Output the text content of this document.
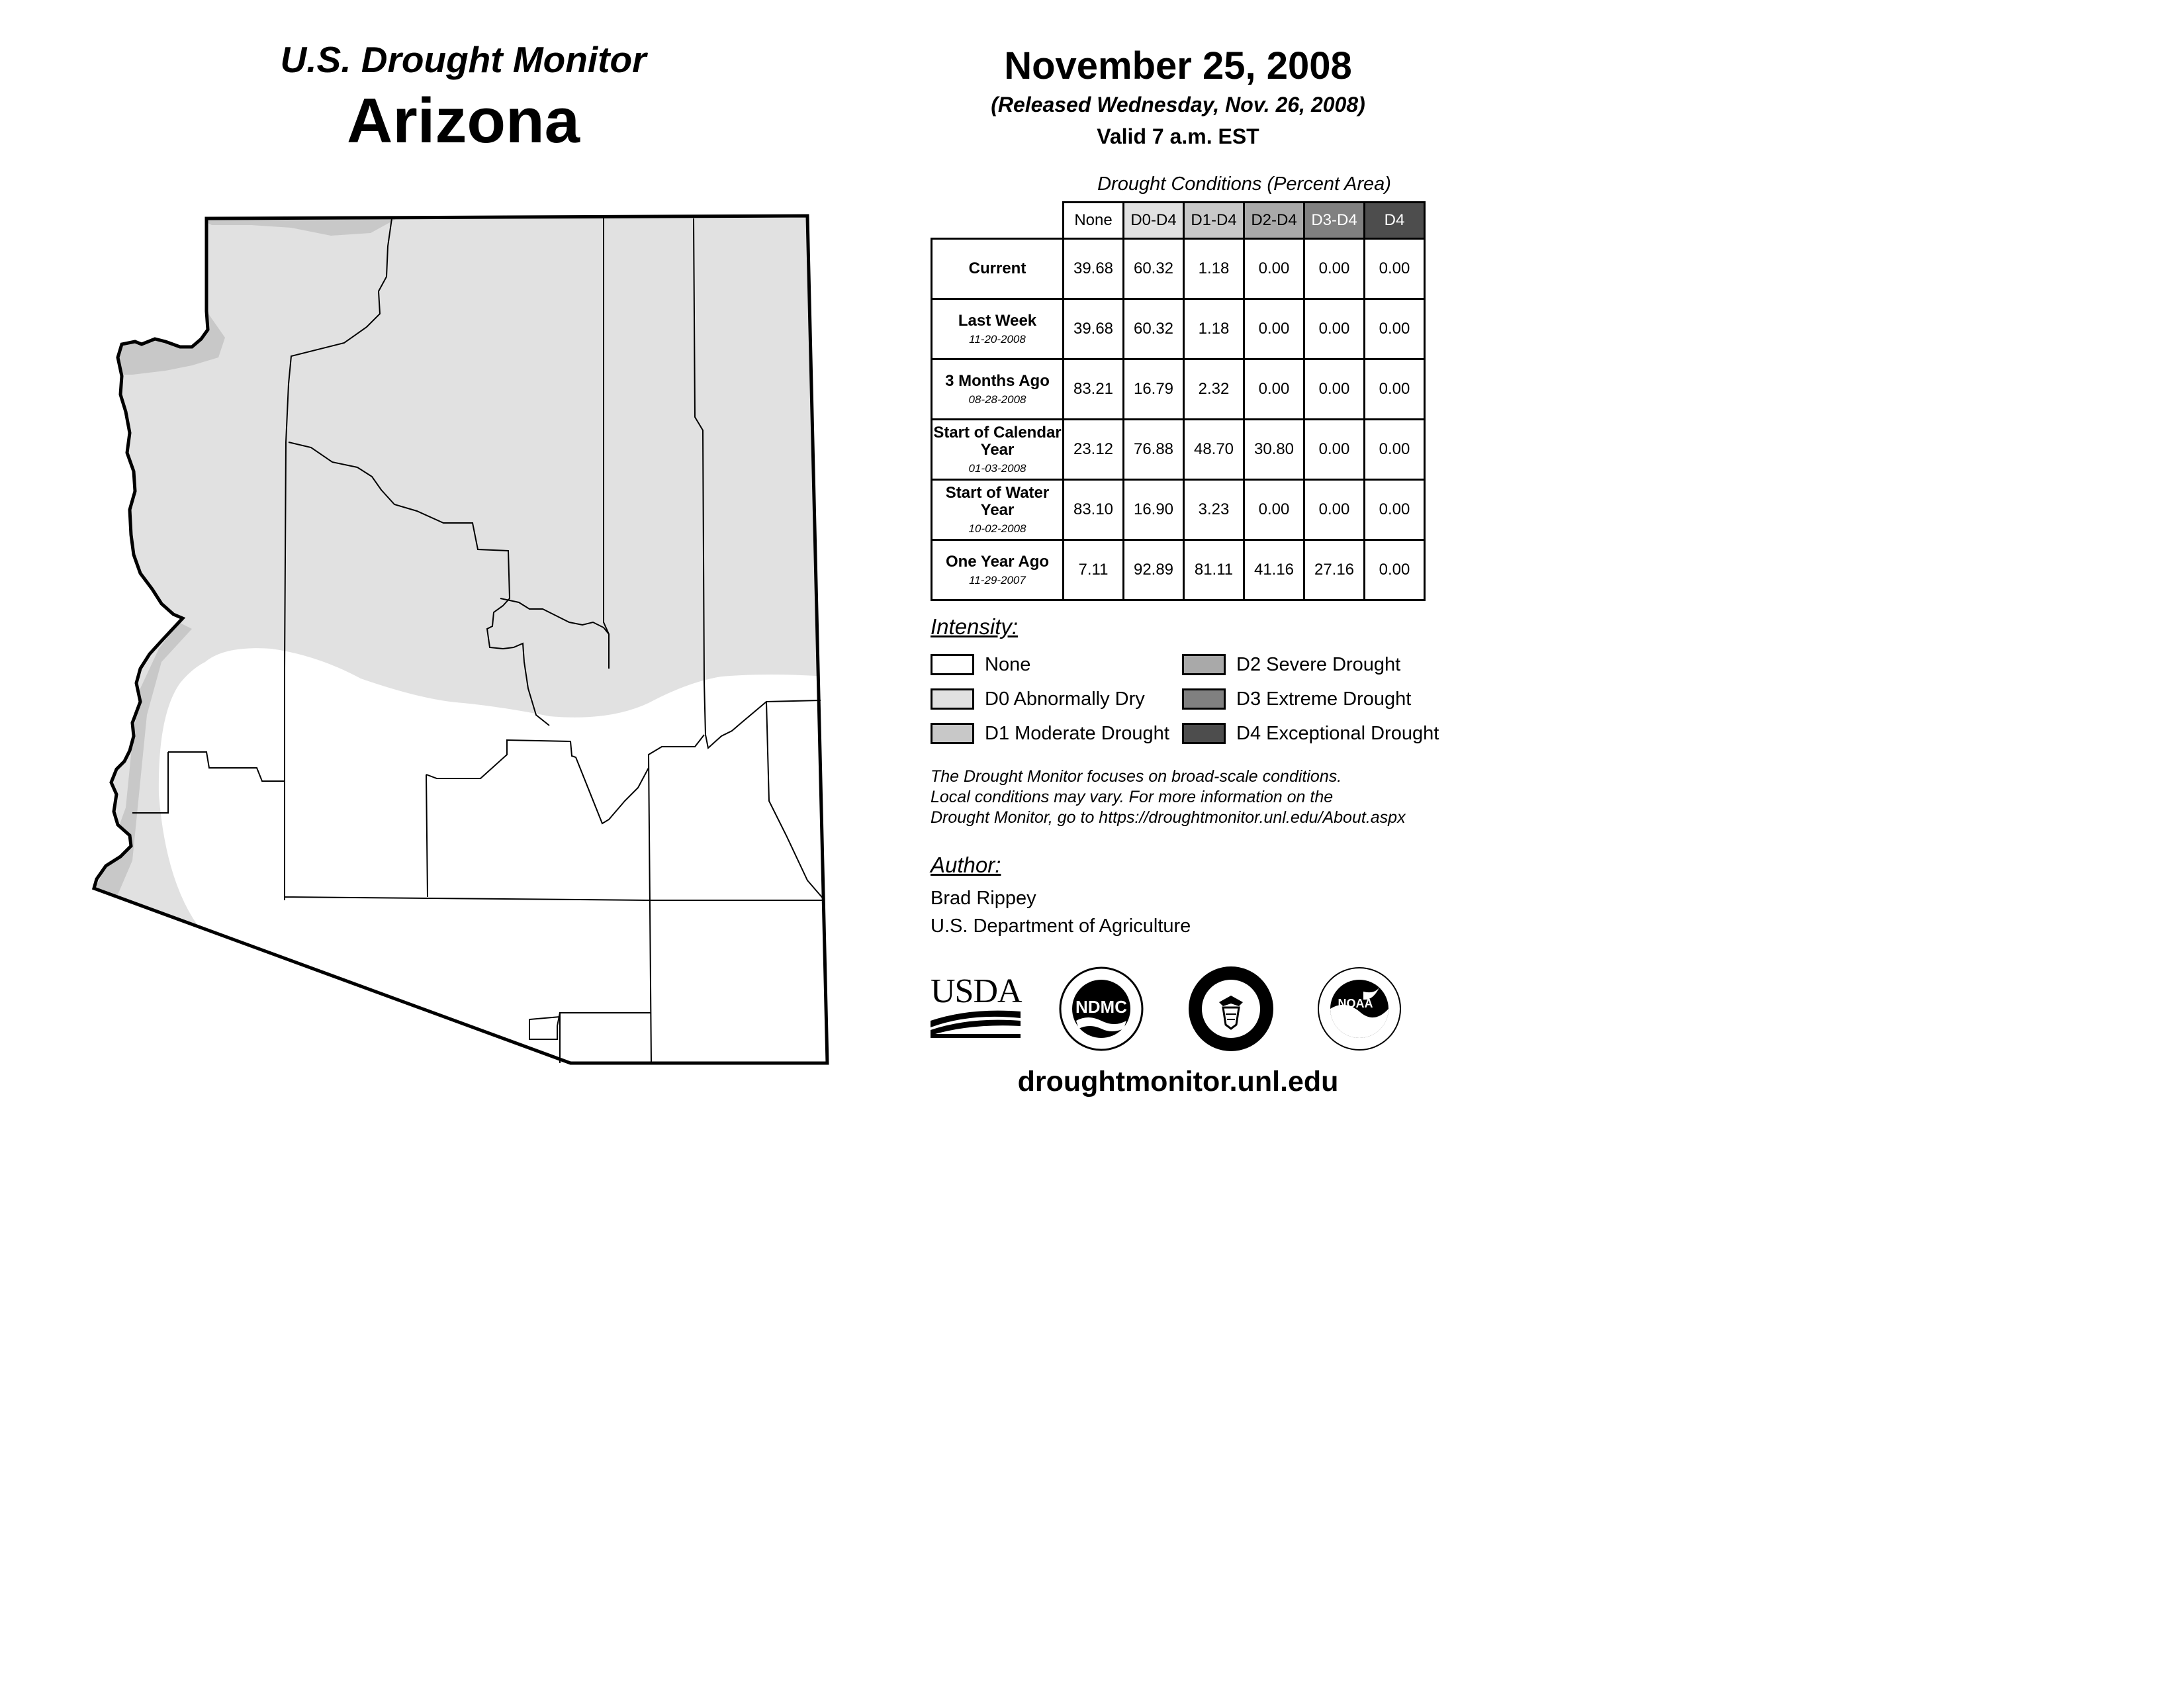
U.S. Drought Monitor
Arizona
November 25, 2008
(Released Wednesday, Nov. 26, 2008)
Valid 7 a.m. EST
Drought Conditions (Percent Area)
	None	D0-D4	D1-D4	D2-D4	D3-D4	D4
Current	39.68	60.32	1.18	0.00	0.00	0.00
Last Week
11-20-2008	39.68	60.32	1.18	0.00	0.00	0.00
3 Months Ago
08-28-2008	83.21	16.79	2.32	0.00	0.00	0.00
Start of Calendar Year
01-03-2008	23.12	76.88	48.70	30.80	0.00	0.00
Start of Water Year
10-02-2008	83.10	16.90	3.23	0.00	0.00	0.00
One Year Ago
11-29-2007	7.11	92.89	81.11	41.16	27.16	0.00
Intensity:
None
D0 Abnormally Dry
D1 Moderate Drought
D2 Severe Drought
D3 Extreme Drought
D4 Exceptional Drought
The Drought Monitor focuses on broad-scale conditions.
Local conditions may vary. For more information on the
Drought Monitor, go to https://droughtmonitor.unl.edu/About.aspx
Author:
Brad Rippey
U.S. Department of Agriculture
USDA	NDMC	NOAA
droughtmonitor.unl.edu
